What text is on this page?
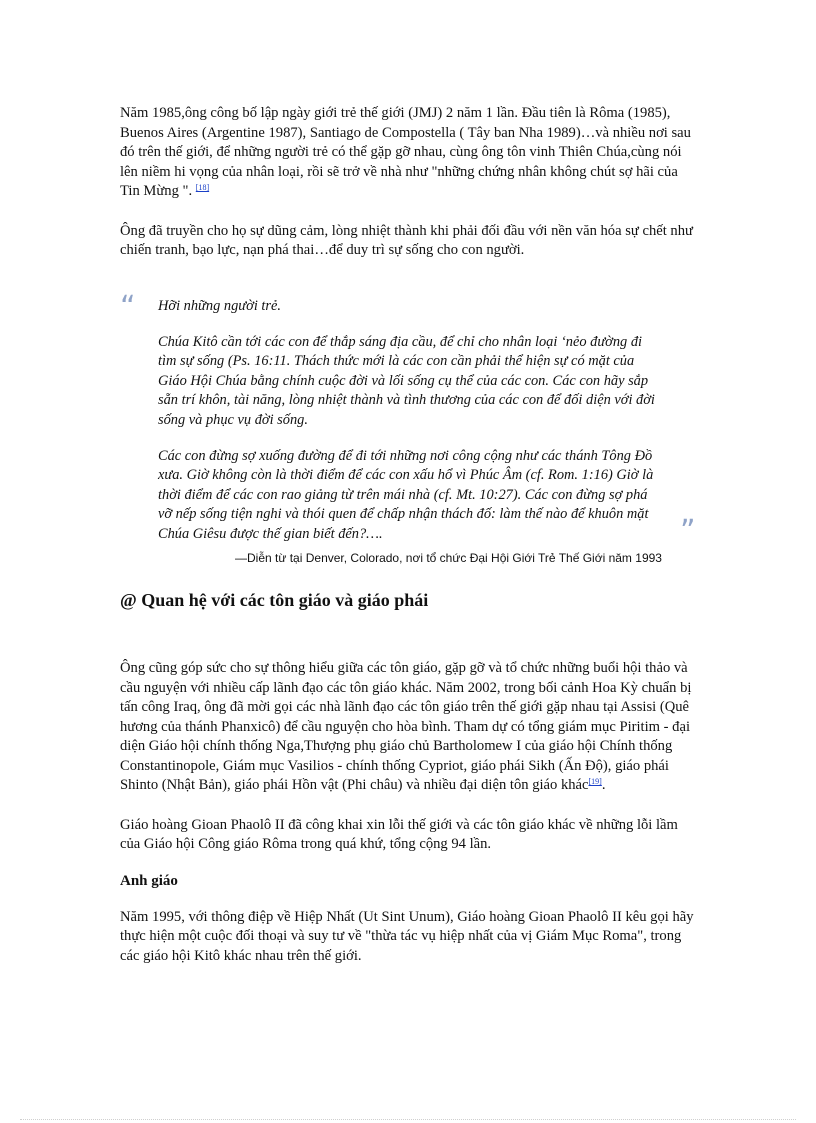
Năm 1985,ông công bố lập ngày giới trẻ thế giới (JMJ) 2 năm 1 lần. Đầu tiên là Rôma (1985), Buenos Aires (Argentine 1987), Santiago de Compostella ( Tây ban Nha 1989)…và nhiều nơi sau đó trên thế giới, để những người trẻ có thể gặp gỡ nhau, cùng ông tôn vinh Thiên Chúa,cùng nói lên niềm hi vọng của nhân loại, rồi sẽ trở về nhà như "những chứng nhân không chút sợ hãi của Tin Mừng ". [18]

Ông đã truyền cho họ sự dũng cảm, lòng nhiệt thành khi phải đối đầu với nền văn hóa sự chết như chiến tranh, bạo lực, nạn phá thai…để duy trì sự sống cho con người.

“ Hỡi những người trẻ.

Chúa Kitô cần tới các con để thắp sáng địa cầu, để chỉ cho nhân loại ‘nẻo đường đi tìm sự sống (Ps. 16:11. Thách thức mới là các con cần phải thể hiện sự có mặt của Giáo Hội Chúa bằng chính cuộc đời và lối sống cụ thể của các con. Các con hãy sắp sẵn trí khôn, tài năng, lòng nhiệt thành và tình thương của các con để đối diện với đời sống và phục vụ đời sống.

Các con đừng sợ xuống đường để đi tới những nơi công cộng như các thánh Tông Đồ xưa. Giờ không còn là thời điểm để các con xấu hổ vì Phúc Âm (cf. Rom. 1:16) Giờ là thời điểm để các con rao giảng từ trên mái nhà (cf. Mt. 10:27). Các con đừng sợ phá vỡ nếp sống tiện nghi và thói quen để chấp nhận thách đố: làm thế nào để khuôn mặt Chúa Giêsu được thế gian biết đến?….	”

—Diễn từ tại Denver, Colorado, nơi tổ chức Đại Hội Giới Trẻ Thế Giới năm 1993

@ Quan hệ với các tôn giáo và giáo phái

Ông cũng góp sức cho sự thông hiểu giữa các tôn giáo, gặp gỡ và tổ chức những buổi hội thảo và cầu nguyện với nhiều cấp lãnh đạo các tôn giáo khác. Năm 2002, trong bối cảnh Hoa Kỳ chuẩn bị tấn công Iraq, ông đã mời gọi các nhà lãnh đạo các tôn giáo trên thế giới gặp nhau tại Assisi (Quê hương của thánh Phanxicô) để cầu nguyện cho hòa bình. Tham dự có tổng giám mục Piritim - đại diện Giáo hội chính thống Nga,Thượng phụ giáo chủ Bartholomew I của giáo hội Chính thống Constantinopole, Giám mục Vasilios - chính thống Cypriot, giáo phái Sikh (Ấn Độ), giáo phái Shinto (Nhật Bản), giáo phái Hồn vật (Phi châu) và nhiều đại diện tôn giáo khác[19].

Giáo hoàng Gioan Phaolô II đã công khai xin lỗi thế giới và các tôn giáo khác về những lỗi lầm của Giáo hội Công giáo Rôma trong quá khứ, tổng cộng 94 lần.

Anh giáo

Năm 1995, với thông điệp về Hiệp Nhất (Ut Sint Unum), Giáo hoàng Gioan Phaolô II kêu gọi hãy thực hiện một cuộc đối thoại và suy tư về "thừa tác vụ hiệp nhất của vị Giám Mục Roma", trong các giáo hội Kitô khác nhau trên thế giới.
